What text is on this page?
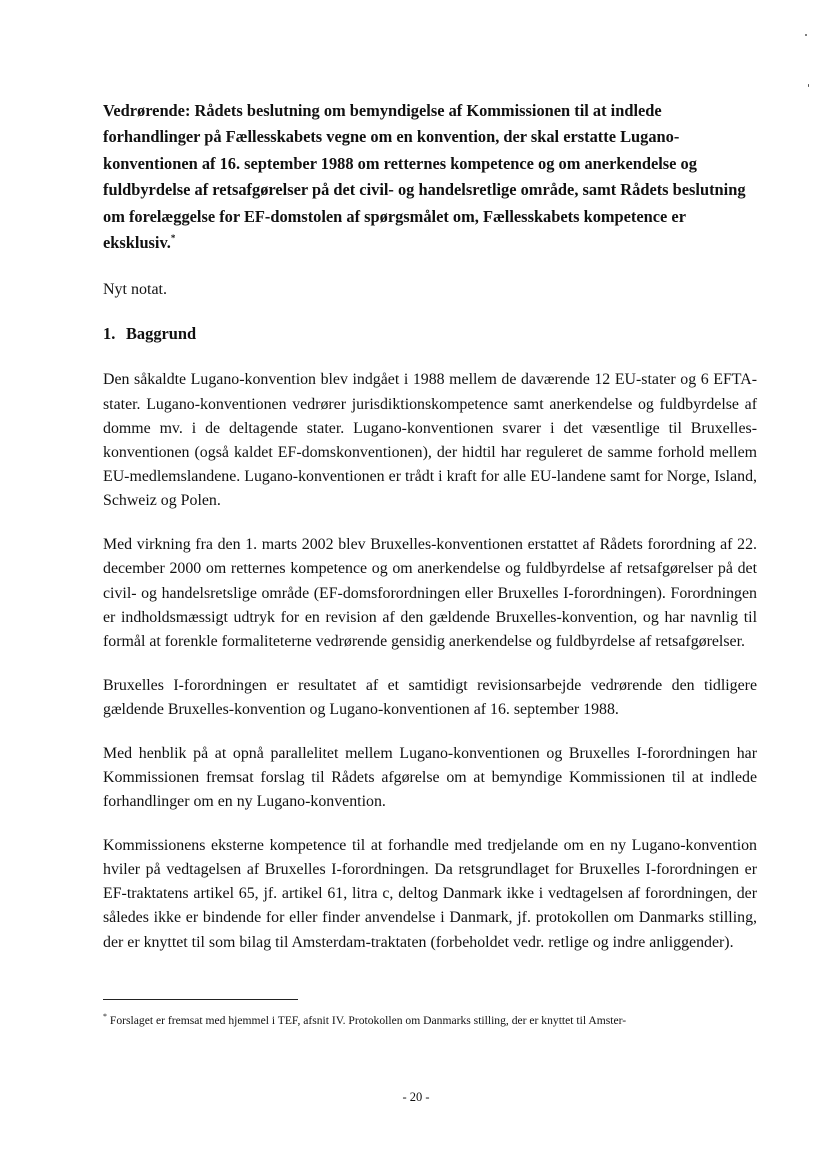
Vedrørende: Rådets beslutning om bemyndigelse af Kommissionen til at indlede forhandlinger på Fællesskabets vegne om en konvention, der skal erstatte Lugano-konventionen af 16. september 1988 om retternes kompetence og om anerkendelse og fuldbyrdelse af retsafgørelser på det civil- og handelsretlige område, samt Rådets beslutning om forelæggelse for EF-domstolen af spørgsmålet om, Fællesskabets kompetence er eksklusiv.*
Nyt notat.
1. Baggrund

Den såkaldte Lugano-konvention blev indgået i 1988 mellem de daværende 12 EU-stater og 6 EFTA-stater. Lugano-konventionen vedrører jurisdiktionskompetence samt anerkendelse og fuldbyrdelse af domme mv. i de deltagende stater. Lugano-konventionen svarer i det væsentlige til Bruxelles-konventionen (også kaldet EF-domskonventionen), der hidtil har reguleret de samme forhold mellem EU-medlemslandene. Lugano-konventionen er trådt i kraft for alle EU-landene samt for Norge, Island, Schweiz og Polen.

Med virkning fra den 1. marts 2002 blev Bruxelles-konventionen erstattet af Rådets forordning af 22. december 2000 om retternes kompetence og om anerkendelse og fuldbyrdelse af retsafgørelser på det civil- og handelsretslige område (EF-domsforordningen eller Bruxelles I-forordningen). Forordningen er indholdsmæssigt udtryk for en revision af den gældende Bruxelles-konvention, og har navnlig til formål at forenkle formaliteterne vedrørende gensidig anerkendelse og fuldbyrdelse af retsafgørelser.

Bruxelles I-forordningen er resultatet af et samtidigt revisionsarbejde vedrørende den tidligere gældende Bruxelles-konvention og Lugano-konventionen af 16. september 1988.

Med henblik på at opnå parallelitet mellem Lugano-konventionen og Bruxelles I-forordningen har Kommissionen fremsat forslag til Rådets afgørelse om at bemyndige Kommissionen til at indlede forhandlinger om en ny Lugano-konvention.

Kommissionens eksterne kompetence til at forhandle med tredjelande om en ny Lugano-konvention hviler på vedtagelsen af Bruxelles I-forordningen. Da retsgrundlaget for Bruxelles I-forordningen er EF-traktatens artikel 65, jf. artikel 61, litra c, deltog Danmark ikke i vedtagelsen af forordningen, der således ikke er bindende for eller finder anvendelse i Danmark, jf. protokollen om Danmarks stilling, der er knyttet til som bilag til Amsterdam-traktaten (forbeholdet vedr. retlige og indre anliggender).

* Forslaget er fremsat med hjemmel i TEF, afsnit IV. Protokollen om Danmarks stilling, der er knyttet til Amster-
- 20 -
